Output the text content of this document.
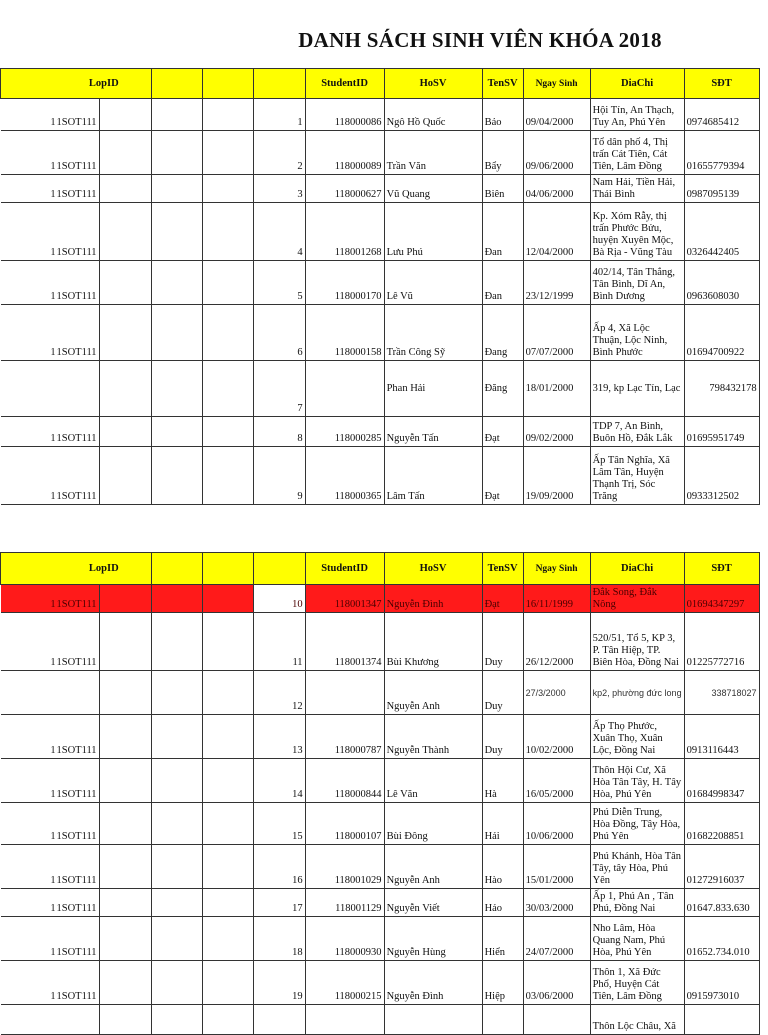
DANH SÁCH SINH VIÊN KHÓA 2018
LopID					StudentID	HoSV	TenSV	Ngay Sinh	DiaChi	SĐT
11SOT111				1	118000086	Ngô Hồ Quốc	Bảo	09/04/2000	Hội Tín, An Thạch, Tuy An, Phú Yên	0974685412
11SOT111				2	118000089	Trần Văn	Bẩy	09/06/2000	Tổ dân phố 4, Thị trấn Cát Tiên, Cát Tiên, Lâm Đồng	01655779394
11SOT111				3	118000627	Vũ Quang	Biên	04/06/2000	Nam Hải, Tiền Hải, Thái Bình	0987095139
11SOT111				4	118001268	Lưu Phú	Đan	12/04/2000	Kp. Xóm Rẫy, thị trấn Phước Bửu, huyện Xuyên Mộc, Bà Rịa - Vũng Tàu	0326442405
11SOT111				5	118000170	Lê Vũ	Đan	23/12/1999	402/14, Tân Thắng, Tân Bình, Dĩ An, Bình Dương	0963608030
11SOT111				6	118000158	Trần Công Sỹ	Đang	07/07/2000	Ấp 4, Xã Lộc Thuận, Lộc Ninh, Bình Phước	01694700922
				7		Phan Hải	Đăng	18/01/2000	319, kp Lạc Tín, Lạc	798432178
11SOT111				8	118000285	Nguyễn Tấn	Đạt	09/02/2000	TDP 7, An Bình, Buôn Hồ, Đắk Lắk	01695951749
11SOT111				9	118000365	Lâm Tấn	Đạt	19/09/2000	Ấp Tân Nghĩa, Xã Lâm Tân, Huyện Thạnh Trị, Sóc Trăng	0933312502
LopID					StudentID	HoSV	TenSV	Ngay Sinh	DiaChi	SĐT
11SOT111				10	118001347	Nguyễn Đình	Đạt	16/11/1999	Đắk Song, Đắk Nông	01694347297
11SOT111				11	118001374	Bùi Khương	Duy	26/12/2000	520/51, Tổ 5, KP 3, P. Tân Hiệp, TP. Biên Hòa, Đồng Nai	01225772716
				12		Nguyễn Anh	Duy	27/3/2000	kp2, phường đức long	338718027
11SOT111				13	118000787	Nguyễn Thành	Duy	10/02/2000	Ấp Thọ Phước, Xuân Thọ, Xuân Lộc, Đồng Nai	0913116443
11SOT111				14	118000844	Lê Văn	Hà	16/05/2000	Thôn Hội Cư, Xã Hòa Tân Tây, H. Tây Hòa, Phú Yên	01684998347
11SOT111				15	118000107	Bùi Đông	Hải	10/06/2000	Phú Diễn Trung, Hòa Đồng, Tây Hòa, Phú Yên	01682208851
11SOT111				16	118001029	Nguyễn Anh	Hào	15/01/2000	Phú Khánh, Hòa Tân Tây, tây Hòa, Phú Yên	01272916037
11SOT111				17	118001129	Nguyễn Viết	Hảo	30/03/2000	Ấp 1, Phú An , Tân Phú, Đồng Nai	01647.833.630
11SOT111				18	118000930	Nguyễn Hùng	Hiển	24/07/2000	Nho Lâm, Hòa Quang Nam, Phú Hòa, Phú Yên	01652.734.010
11SOT111				19	118000215	Nguyễn Đình	Hiệp	03/06/2000	Thôn 1, Xã Đức Phổ, Huyện Cát Tiên, Lâm Đồng	0915973010
									Thôn Lộc Châu, Xã	
